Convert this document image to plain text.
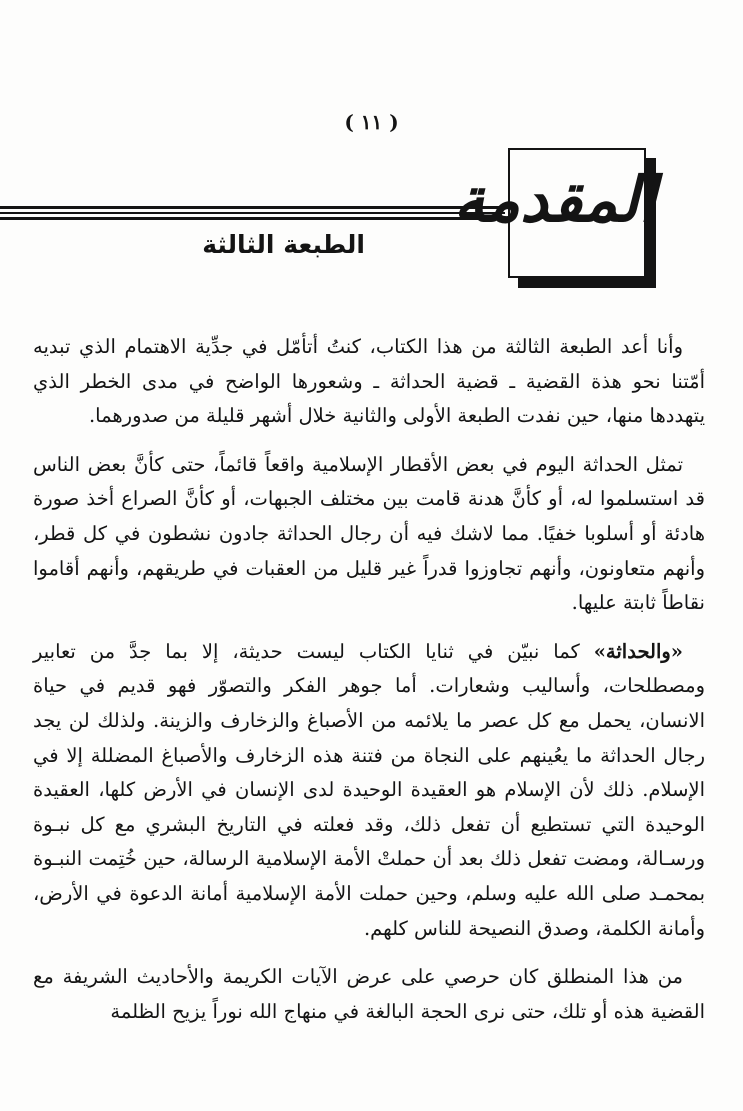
( ١١ )
المقدمة
الطبعة الثالثة

وأنا أعد الطبعة الثالثة من هذا الكتاب، كنتُ أتأمّل في جدِّية الاهتمام الذي تبديه أمّتنا نحو هذة القضية ـ قضية الحداثة ـ وشعورها الواضح في مدى الخطر الذي يتهددها منها، حين نفدت الطبعة الأولى والثانية خلال أشهر قليلة من صدورهما.

تمثل الحداثة اليوم في بعض الأقطار الإسلامية واقعاً قائماً، حتى كأنَّ بعض الناس قد استسلموا له، أو كأنَّ هدنة قامت بين مختلف الجبهات، أو كأنَّ الصراع أخذ صورة هادئة أو أسلوبا خفيًا. مما لاشك فيه أن رجال الحداثة جادون نشطون في كل قطر، وأنهم متعاونون، وأنهم تجاوزوا قدراً غير قليل من العقبات في طريقهم، وأنهم أقاموا نقاطاً ثابتة عليها.

«والحداثة» كما نبيّن في ثنايا الكتاب ليست حديثة، إلا بما جدَّ من تعابير ومصطلحات، وأساليب وشعارات. أما جوهر الفكر والتصوّر فهو قديم في حياة الانسان، يحمل مع كل عصر ما يلائمه من الأصباغ والزخارف والزينة. ولذلك لن يجد رجال الحداثة ما يعُينهم على النجاة من فتنة هذه الزخارف والأصباغ المضللة إلا في الإسلام. ذلك لأن الإسلام هو العقيدة الوحيدة لدى الإنسان في الأرض كلها، العقيدة الوحيدة التي تستطيع أن تفعل ذلك، وقد فعلته في التاريخ البشري مع كل نبـوة ورسـالة، ومضت تفعل ذلك بعد أن حملتْ الأمة الإسلامية الرسالة، حين خُتِمت النبـوة بمحمـد صلى الله عليه وسلم، وحين حملت الأمة الإسلامية أمانة الدعوة في الأرض، وأمانة الكلمة، وصدق النصيحة للناس كلهم.

من هذا المنطلق كان حرصي على عرض الآيات الكريمة والأحاديث الشريفة مع القضية هذه أو تلك، حتى نرى الحجة البالغة في منهاج الله نوراً يزيح الظلمة
